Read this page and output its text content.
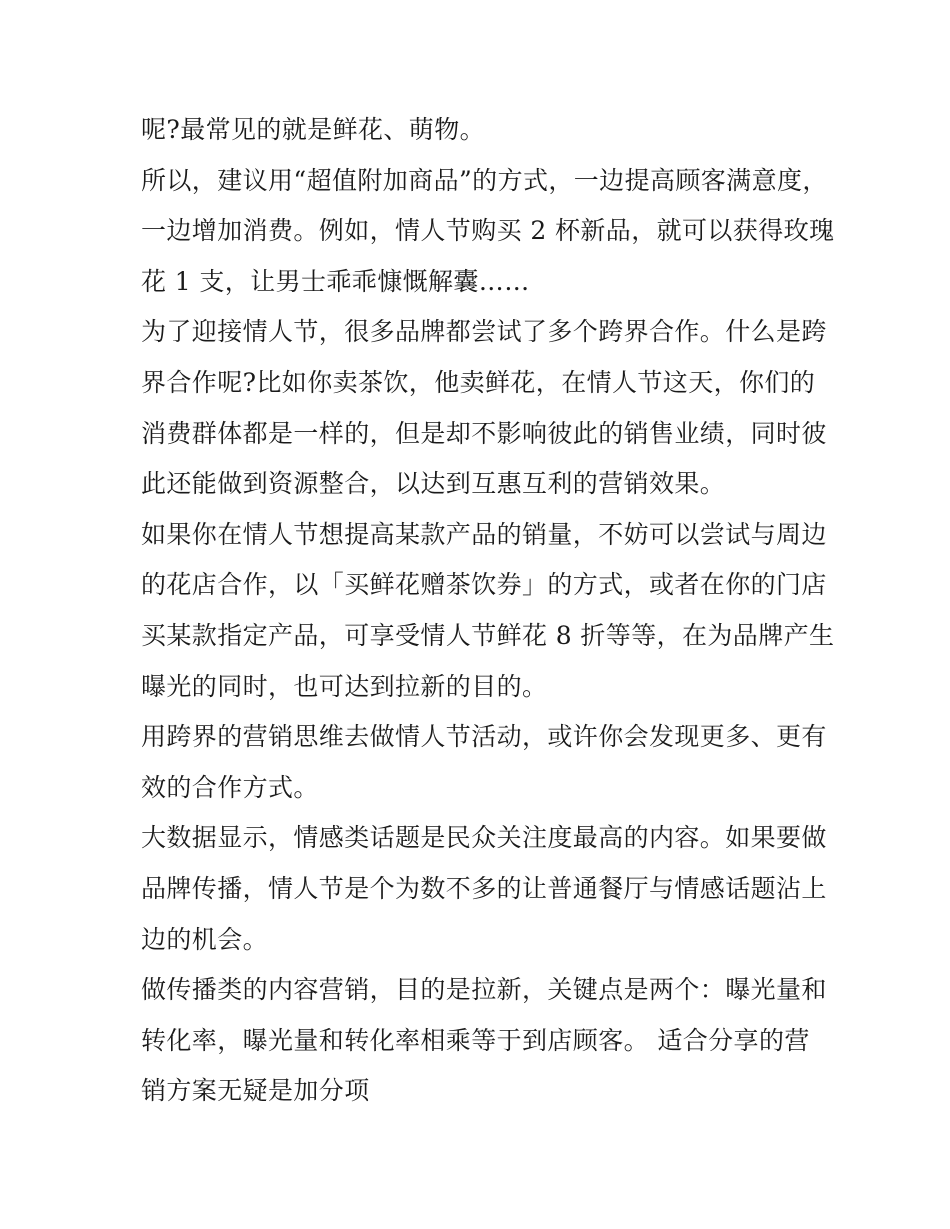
呢?最常见的就是鲜花、萌物。
所以，建议用“超值附加商品”的方式，一边提高顾客满意度，
一边增加消费。例如，情人节购买 2 杯新品，就可以获得玫瑰
花 1 支，让男士乖乖慷慨解囊……
为了迎接情人节，很多品牌都尝试了多个跨界合作。什么是跨
界合作呢?比如你卖茶饮，他卖鲜花，在情人节这天，你们的
消费群体都是一样的，但是却不影响彼此的销售业绩，同时彼
此还能做到资源整合，以达到互惠互利的营销效果。
如果你在情人节想提高某款产品的销量，不妨可以尝试与周边
的花店合作，以「买鲜花赠茶饮券」的方式，或者在你的门店
买某款指定产品，可享受情人节鲜花 8 折等等，在为品牌产生
曝光的同时，也可达到拉新的目的。
用跨界的营销思维去做情人节活动，或许你会发现更多、更有
效的合作方式。
大数据显示，情感类话题是民众关注度最高的内容。如果要做
品牌传播，情人节是个为数不多的让普通餐厅与情感话题沾上
边的机会。
做传播类的内容营销，目的是拉新，关键点是两个：曝光量和
转化率，曝光量和转化率相乘等于到店顾客。 适合分享的营
销方案无疑是加分项
